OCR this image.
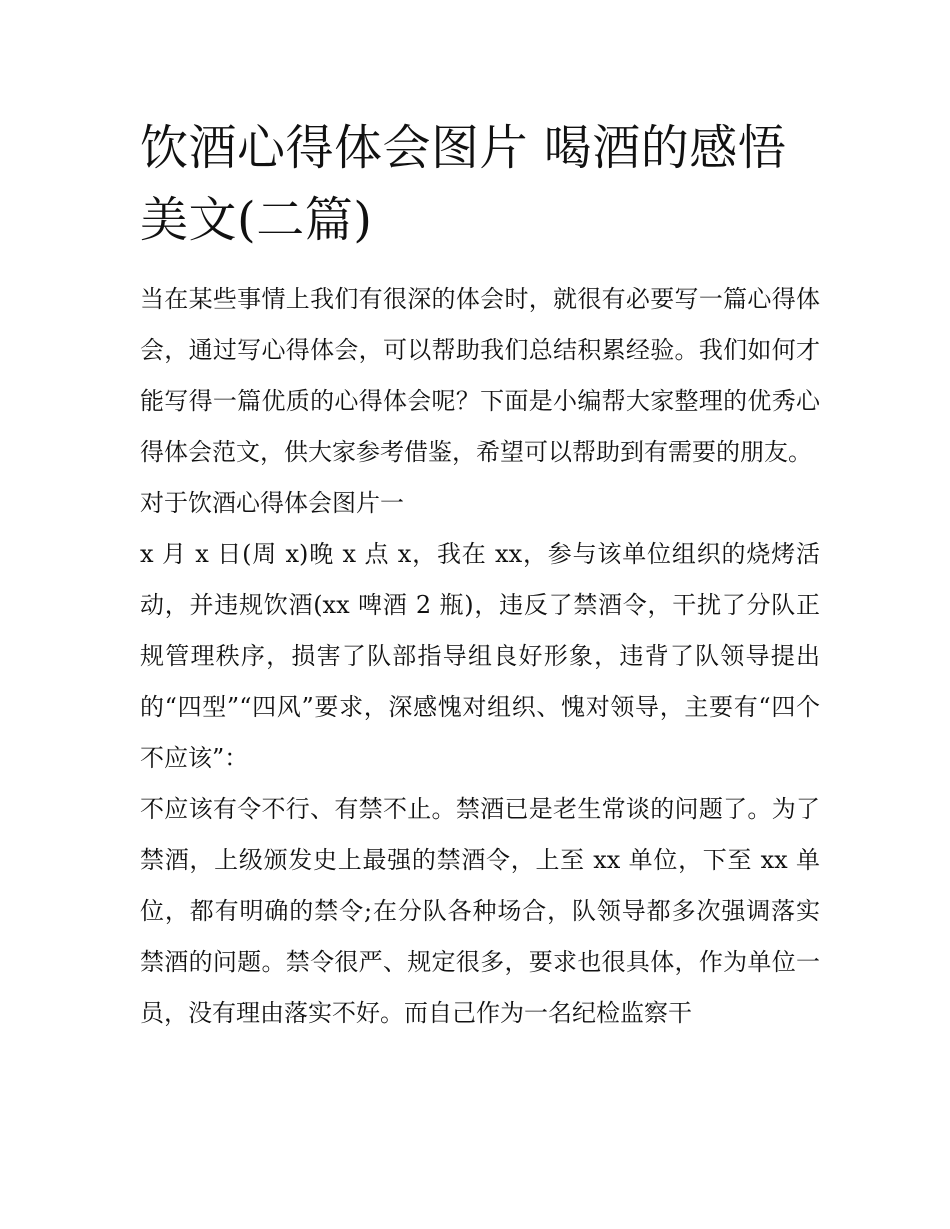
饮酒心得体会图片 喝酒的感悟美文(二篇)

当在某些事情上我们有很深的体会时，就很有必要写一篇心得体会，通过写心得体会，可以帮助我们总结积累经验。我们如何才能写得一篇优质的心得体会呢？下面是小编帮大家整理的优秀心得体会范文，供大家参考借鉴，希望可以帮助到有需要的朋友。

对于饮酒心得体会图片一

x 月 x 日(周 x)晚 x 点 x，我在 xx，参与该单位组织的烧烤活动，并违规饮酒(xx 啤酒 2 瓶)，违反了禁酒令，干扰了分队正规管理秩序，损害了队部指导组良好形象，违背了队领导提出的“四型”“四风”要求，深感愧对组织、愧对领导，主要有“四个不应该”：

不应该有令不行、有禁不止。禁酒已是老生常谈的问题了。为了禁酒，上级颁发史上最强的禁酒令，上至 xx 单位，下至 xx 单位，都有明确的禁令;在分队各种场合，队领导都多次强调落实禁酒的问题。禁令很严、规定很多，要求也很具体，作为单位一员，没有理由落实不好。而自己作为一名纪检监察干
